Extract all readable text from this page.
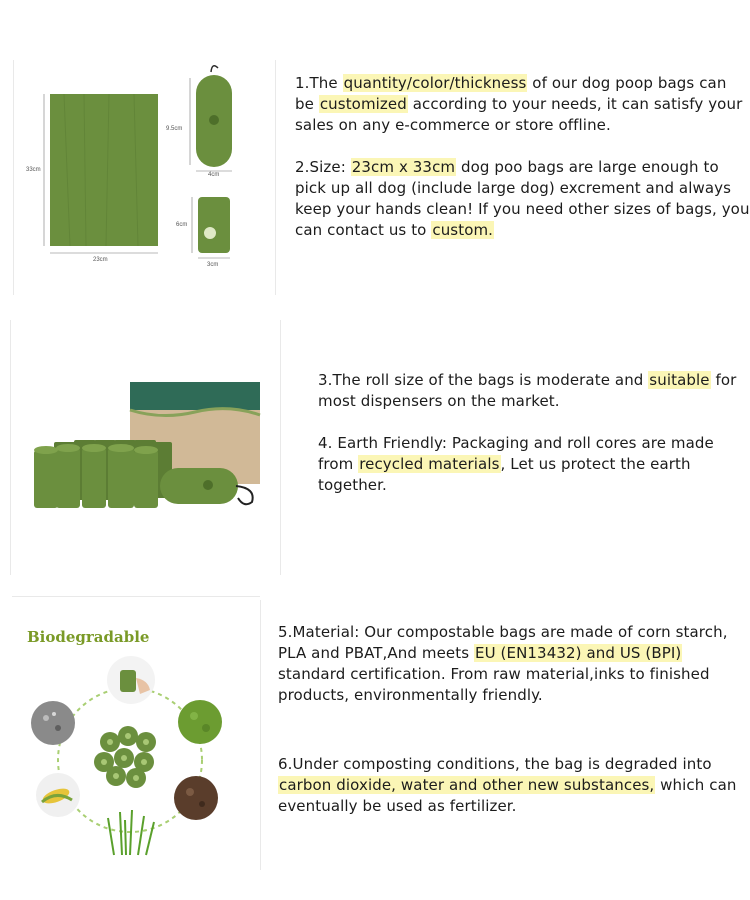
33cm
23cm
9.5cm
4cm
6cm
3cm

1.The quantity/color/thickness of our dog poop bags can be customized according to your needs, it can satisfy your sales on any e-commerce or store offline.

2.Size: 23cm x 33cm dog poo bags are large enough to pick up all dog (include large dog) excrement and always keep your hands clean! If you need other sizes of bags, you can contact us to custom.

3.The roll size of the bags is moderate and suitable for most dispensers on the market.

4. Earth Friendly: Packaging and roll cores are made from recycled materials, Let us protect the earth together.

Biodegradable	5.Material: Our compostable bags are made of corn starch, PLA and PBAT,And meets EU (EN13432) and US (BPI) standard certification. From raw material,inks to finished products, environmentally friendly.

6.Under composting conditions, the bag is degraded into carbon dioxide, water and other new substances, which can eventually be used as fertilizer.
